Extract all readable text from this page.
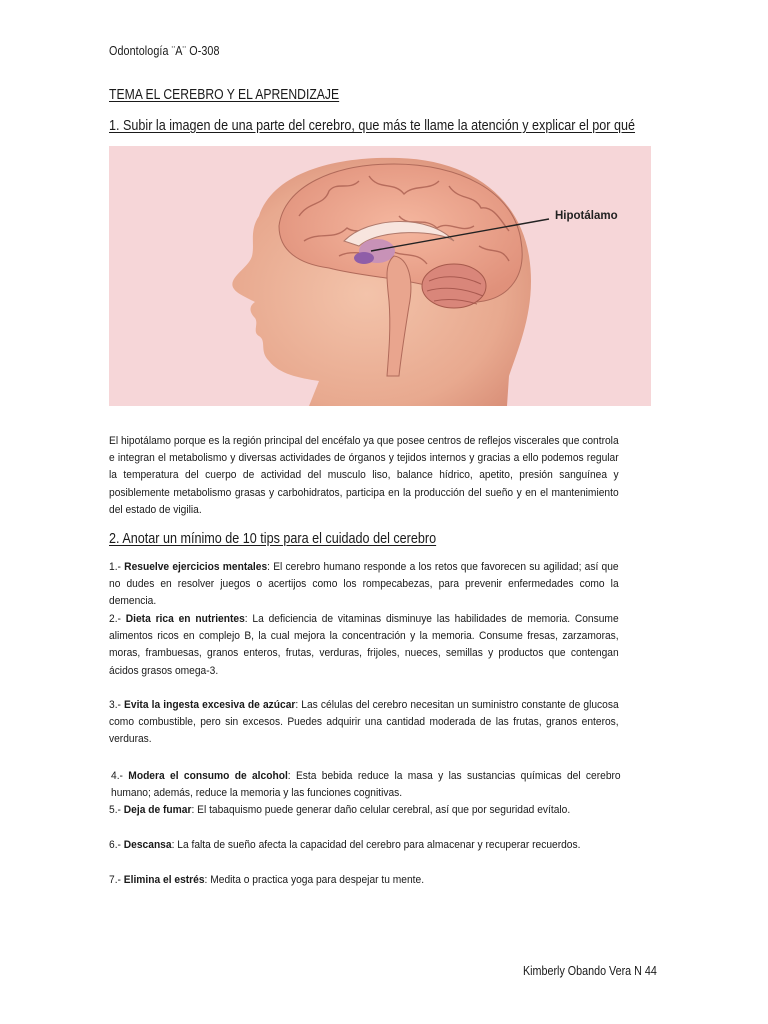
Odontología ¨A¨ O-308
TEMA EL CEREBRO Y EL APRENDIZAJE
1. Subir la imagen de una parte del cerebro, que más te llame la atención y explicar el por qué
Hipotálamo
El hipotálamo porque es la región principal del encéfalo ya que posee centros de reflejos viscerales que controla e integran el metabolismo y diversas actividades de órganos y tejidos internos y gracias a ello podemos regular la temperatura del cuerpo de actividad del musculo liso, balance hídrico, apetito, presión sanguínea y posiblemente metabolismo grasas y carbohidratos, participa en la producción del sueño y en el mantenimiento del estado de vigilia.
2. Anotar un mínimo de 10 tips para el cuidado del cerebro
1.- Resuelve ejercicios mentales: El cerebro humano responde a los retos que favorecen su agilidad; así que no dudes en resolver juegos o acertijos como los rompecabezas, para prevenir enfermedades como la demencia.
2.- Dieta rica en nutrientes: La deficiencia de vitaminas disminuye las habilidades de memoria. Consume alimentos ricos en complejo B, la cual mejora la concentración y la memoria. Consume fresas, zarzamoras, moras, frambuesas, granos enteros, frutas, verduras, frijoles, nueces, semillas y productos que contengan ácidos grasos omega-3.
3.- Evita la ingesta excesiva de azúcar: Las células del cerebro necesitan un suministro constante de glucosa como combustible, pero sin excesos. Puedes adquirir una cantidad moderada de las frutas, granos enteros, verduras.
4.- Modera el consumo de alcohol: Esta bebida reduce la masa y las sustancias químicas del cerebro humano; además, reduce la memoria y las funciones cognitivas.
5.- Deja de fumar: El tabaquismo puede generar daño celular cerebral, así que por seguridad evítalo.
6.- Descansa: La falta de sueño afecta la capacidad del cerebro para almacenar y recuperar recuerdos.
7.- Elimina el estrés: Medita o practica yoga para despejar tu mente.
Kimberly Obando Vera N 44
